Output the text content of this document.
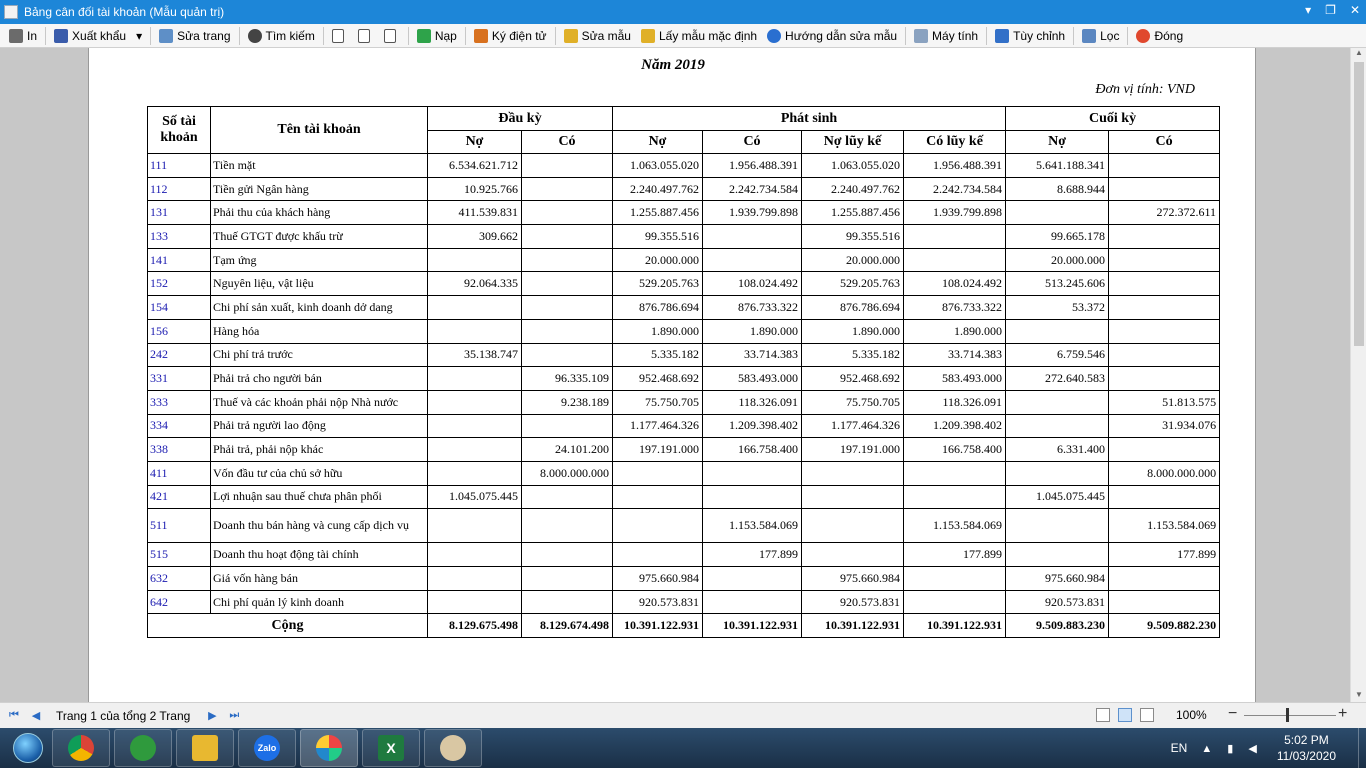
Bảng cân đối tài khoản (Mẫu quản trị)	▾ ❐ ✕
In	Xuất khẩu ▾	Sửa trang	Tìm kiếm	Nạp	Ký điện tử	Sửa mẫu Lấy mẫu mặc định Hướng dẫn sửa mẫu	Máy tính	Tùy chỉnh	Lọc	Đóng
Năm 2019
Đơn vị tính: VND
Số tài khoản	Tên tài khoản	Đầu kỳ		Phát sinh				Cuối kỳ	
		Nợ	Có	Nợ	Có	Nợ lũy kế	Có lũy kế	Nợ	Có
111	Tiền mặt	6.534.621.712		1.063.055.020	1.956.488.391	1.063.055.020	1.956.488.391	5.641.188.341	
112	Tiền gửi Ngân hàng	10.925.766		2.240.497.762	2.242.734.584	2.240.497.762	2.242.734.584	8.688.944	
131	Phải thu của khách hàng	411.539.831		1.255.887.456	1.939.799.898	1.255.887.456	1.939.799.898		272.372.611
133	Thuế GTGT được khấu trừ	309.662		99.355.516		99.355.516		99.665.178	
141	Tạm ứng			20.000.000		20.000.000		20.000.000	
152	Nguyên liệu, vật liệu	92.064.335		529.205.763	108.024.492	529.205.763	108.024.492	513.245.606	
154	Chi phí sản xuất, kinh doanh dở dang			876.786.694	876.733.322	876.786.694	876.733.322	53.372	
156	Hàng hóa			1.890.000	1.890.000	1.890.000	1.890.000		
242	Chi phí trả trước	35.138.747		5.335.182	33.714.383	5.335.182	33.714.383	6.759.546	
331	Phải trả cho người bán		96.335.109	952.468.692	583.493.000	952.468.692	583.493.000	272.640.583	
333	Thuế và các khoản phải nộp Nhà nước		9.238.189	75.750.705	118.326.091	75.750.705	118.326.091		51.813.575
334	Phải trả người lao động			1.177.464.326	1.209.398.402	1.177.464.326	1.209.398.402		31.934.076
338	Phải trả, phải nộp khác		24.101.200	197.191.000	166.758.400	197.191.000	166.758.400	6.331.400	
411	Vốn đầu tư của chủ sở hữu		8.000.000.000						8.000.000.000
421	Lợi nhuận sau thuế chưa phân phối	1.045.075.445						1.045.075.445	
511	Doanh thu bán hàng và cung cấp dịch vụ				1.153.584.069		1.153.584.069		1.153.584.069
515	Doanh thu hoạt động tài chính				177.899		177.899		177.899
632	Giá vốn hàng bán			975.660.984		975.660.984		975.660.984	
642	Chi phí quản lý kinh doanh			920.573.831		920.573.831		920.573.831	
Cộng		8.129.675.498	8.129.674.498	10.391.122.931	10.391.122.931	10.391.122.931	10.391.122.931	9.509.883.230	9.509.882.230
▲
▼
⏮	◀	Trang 1 của tổng 2 Trang	▶	⏭	100% −	+
Zalo	X	EN ▲ ▮ ◀
5:02 PM
11/03/2020
